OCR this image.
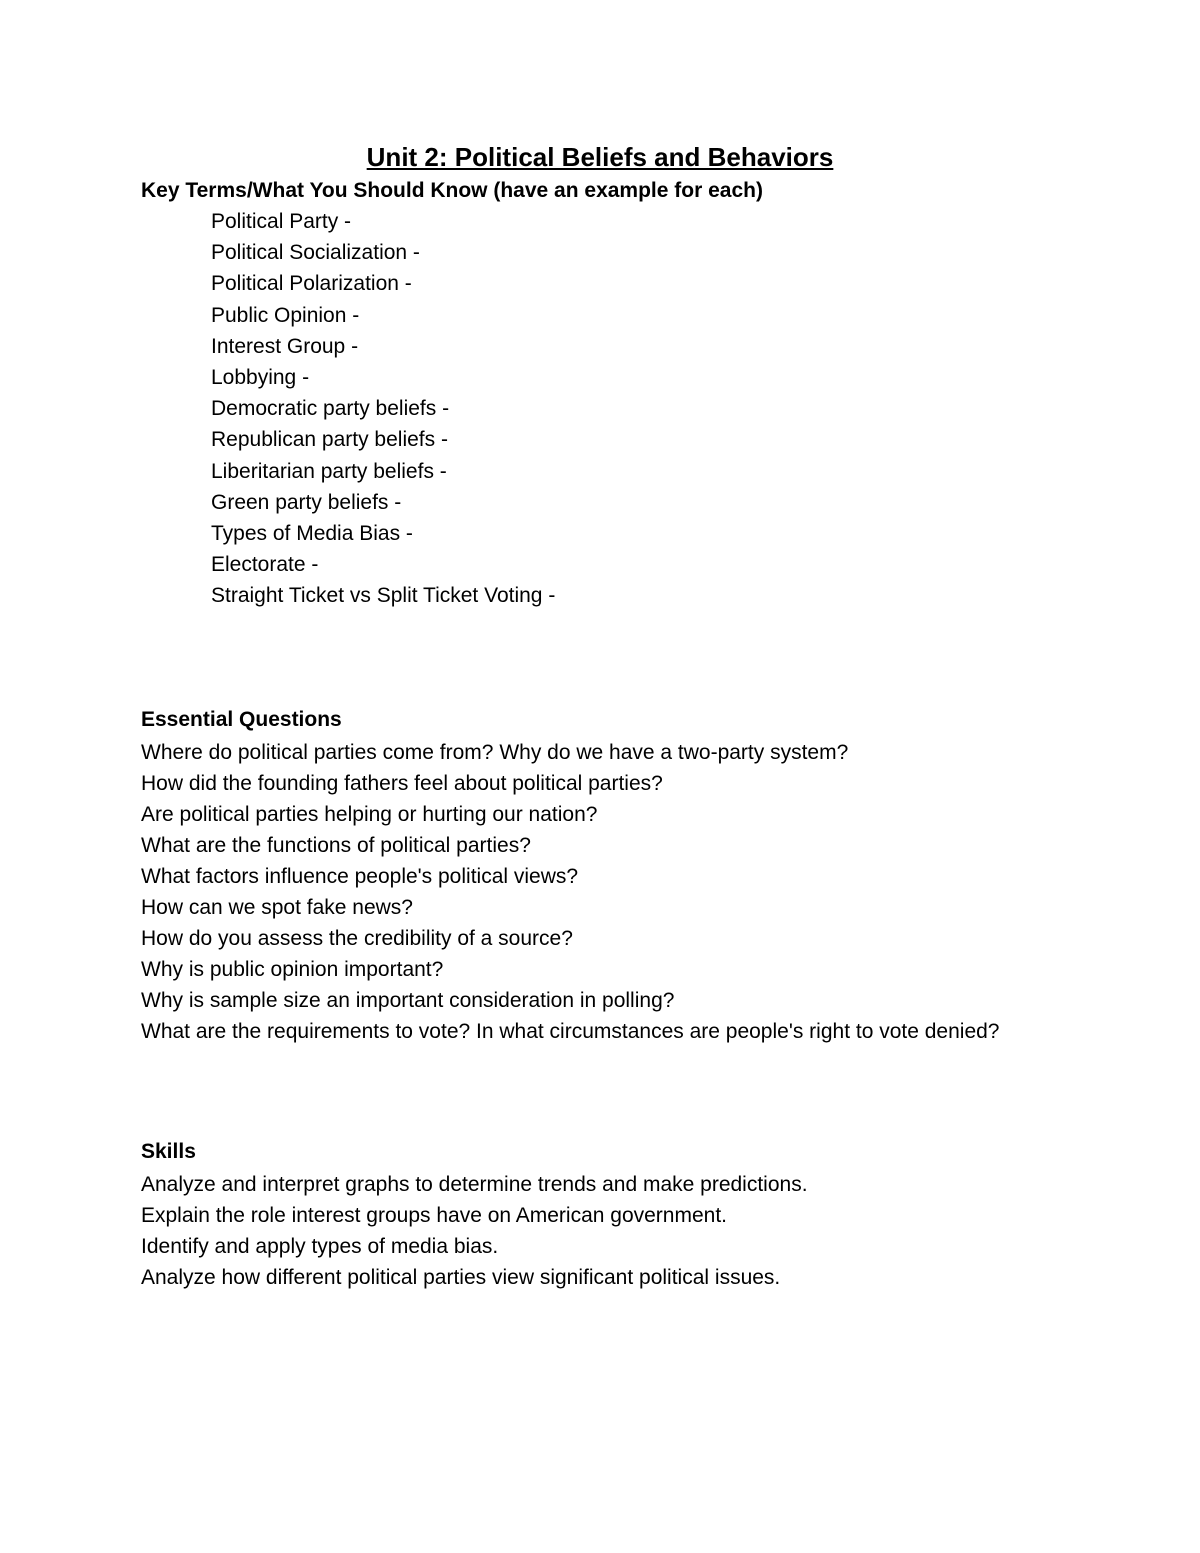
Unit 2: Political Beliefs and Behaviors
Key Terms/What You Should Know (have an example for each)
Political Party -
Political Socialization -
Political Polarization -
Public Opinion -
Interest Group -
Lobbying -
Democratic party beliefs -
Republican party beliefs -
Liberitarian party beliefs -
Green party beliefs -
Types of Media Bias -
Electorate -
Straight Ticket vs Split Ticket Voting -
Essential Questions
Where do political parties come from? Why do we have a two-party system?
How did the founding fathers feel about political parties?
Are political parties helping or hurting our nation?
What are the functions of political parties?
What factors influence people's political views?
How can we spot fake news?
How do you assess the credibility of a source?
Why is public opinion important?
Why is sample size an important consideration in polling?
What are the requirements to vote? In what circumstances are people's right to vote denied?
Skills
Analyze and interpret graphs to determine trends and make predictions.
Explain the role interest groups have on American government.
Identify and apply types of media bias.
Analyze how different political parties view significant political issues.
